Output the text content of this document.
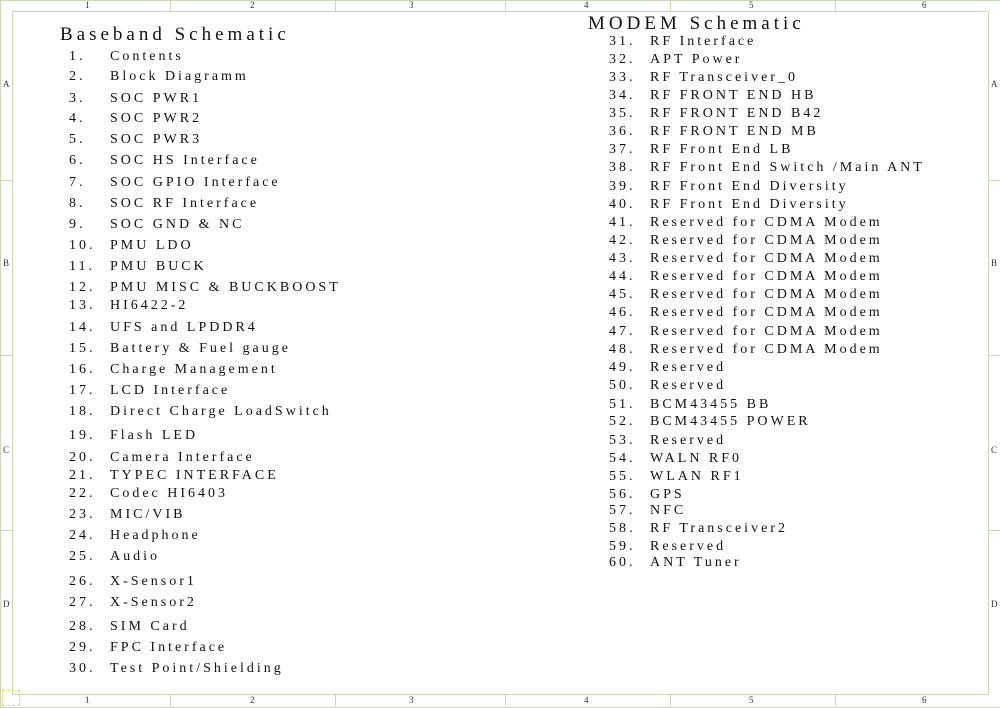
1
1
2
2
3
3
4
4
5
5
6
6
A	A
B	B
C	C
D	D
Baseband Schematic
1. Contents
2. Block Diagramm
3. SOC PWR1
4. SOC PWR2
5. SOC PWR3
6. SOC HS Interface
7. SOC GPIO Interface
8. SOC RF Interface
9. SOC GND & NC
10. PMU LDO
11. PMU BUCK
12. PMU MISC & BUCKBOOST
13. HI6422-2
14. UFS and LPDDR4
15. Battery & Fuel gauge
16. Charge Management
17. LCD Interface
18. Direct Charge LoadSwitch
19. Flash LED
20. Camera Interface
21. TYPEC INTERFACE
22. Codec HI6403
23. MIC/VIB
24. Headphone
25. Audio
26. X-Sensor1
27. X-Sensor2
28. SIM Card
29. FPC Interface
30. Test Point/Shielding
MODEM Schematic
31. RF Interface
32. APT Power
33. RF Transceiver_0
34. RF FRONT END HB
35. RF FRONT END B42
36. RF FRONT END MB
37. RF Front End LB
38. RF Front End Switch /Main ANT
39. RF Front End Diversity
40. RF Front End Diversity
41. Reserved for CDMA Modem
42. Reserved for CDMA Modem
43. Reserved for CDMA Modem
44. Reserved for CDMA Modem
45. Reserved for CDMA Modem
46. Reserved for CDMA Modem
47. Reserved for CDMA Modem
48. Reserved for CDMA Modem
49. Reserved
50. Reserved
51. BCM43455 BB
52. BCM43455 POWER
53. Reserved
54. WALN RF0
55. WLAN RF1
56. GPS
57. NFC
58. RF Transceiver2
59. Reserved
60. ANT Tuner
